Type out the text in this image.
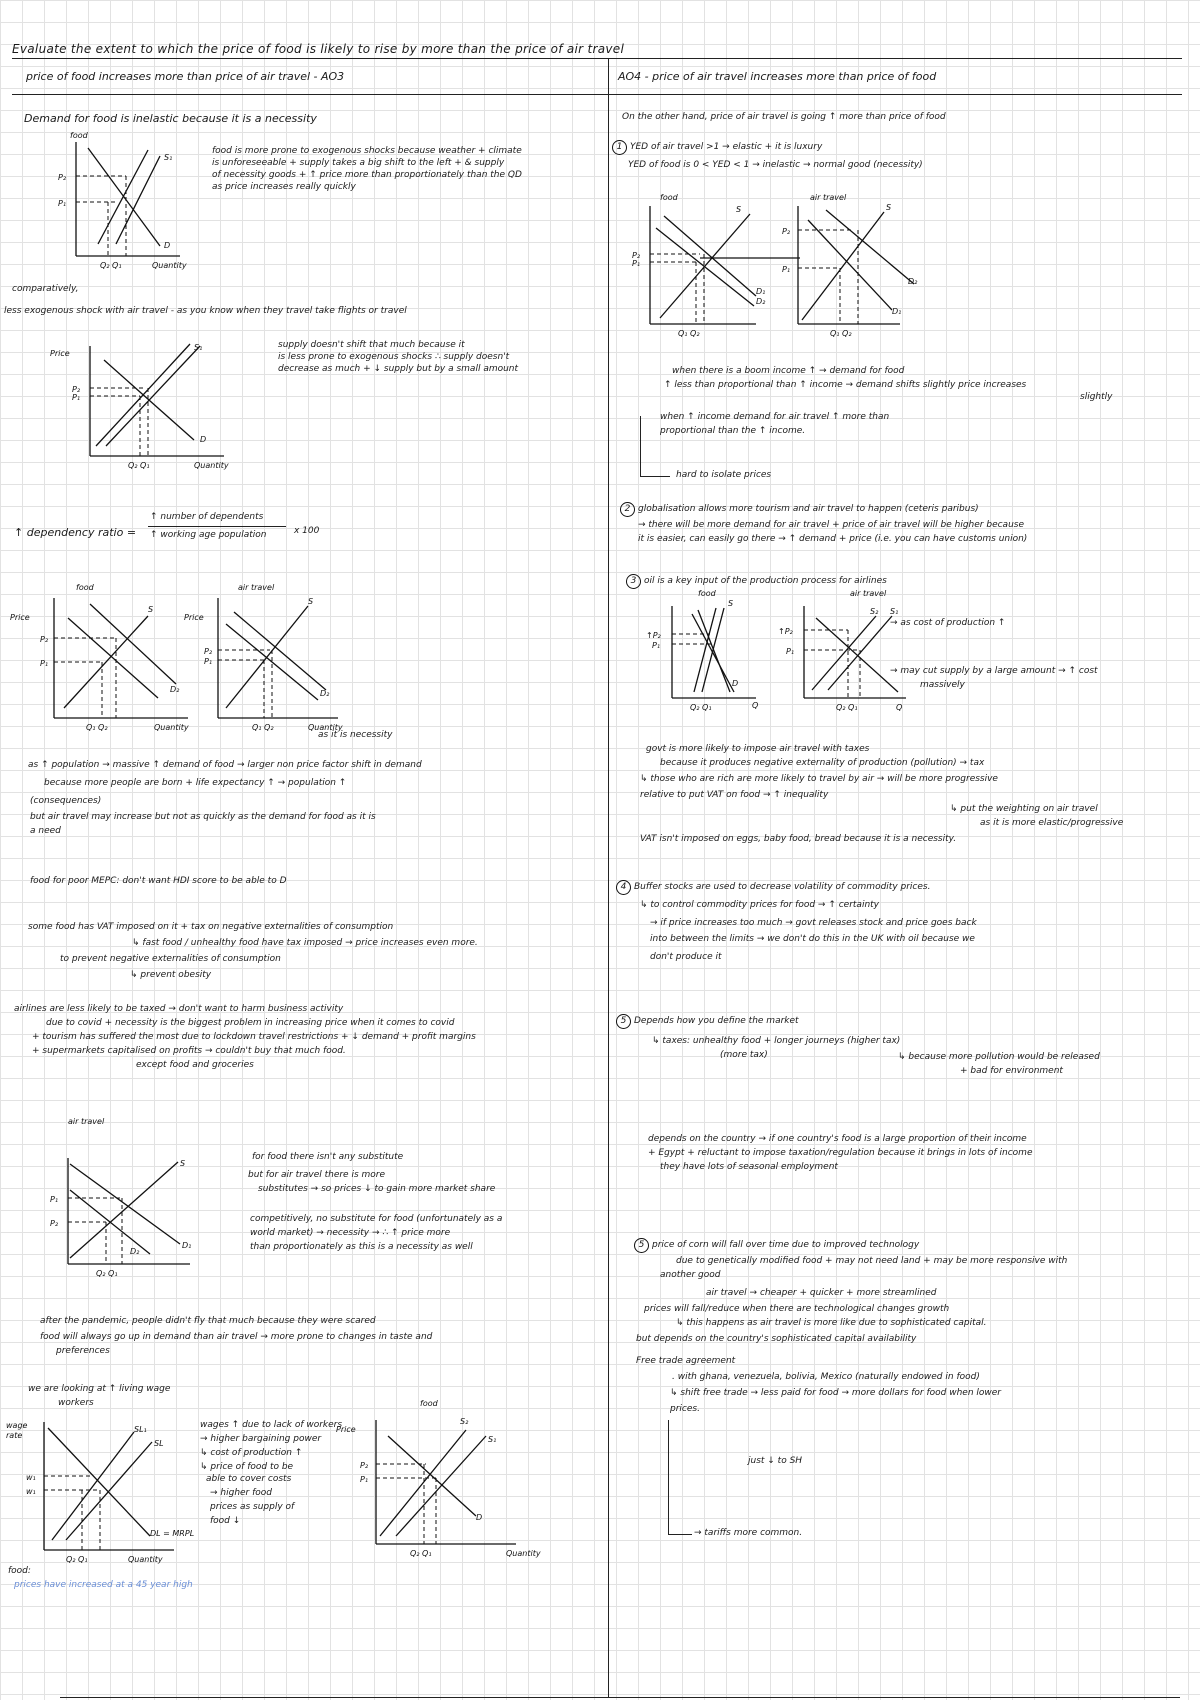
Evaluate the extent to which the price of food is likely to rise by more than the price of air travel
price of food increases more than price of air travel - AO3	AO4 - price of air travel increases more than price of food
Demand for food is inelastic because it is a necessity
food
P₂
P₁
Q₂ Q₁	Quantity
D
S₁
food is more prone to exogenous shocks because weather + climate
is unforeseeable + supply takes a big shift to the left + & supply
of necessity goods + ↑ price more than proportionately than the QD
as price increases really quickly
comparatively,
less exogenous shock with air travel - as you know when they travel take flights or travel
Price
P₂
P₁
Q₂ Q₁	Quantity
D
S₁	supply doesn't shift that much because it
is less prone to exogenous shocks ∴ supply doesn't
decrease as much + ↓ supply but by a small amount
↑ dependency ratio =
↑ number of dependents
↑ working age population	x 100
food	air travel
Price
P₂
P₁
Q₁ Q₂	Quantity
S
D₂
Price
P₂
P₁
Q₁ Q₂	Quantity
S
D₂
as it is necessity
as ↑ population → massive ↑ demand of food → larger non price factor shift in demand
because more people are born + life expectancy ↑ → population ↑
(consequences)
but air travel may increase but not as quickly as the demand for food as it is
a need
food for poor MEPC: don't want HDI score to be able to D
some food has VAT imposed on it + tax on negative externalities of consumption
↳ fast food / unhealthy food have tax imposed → price increases even more.
to prevent negative externalities of consumption
↳ prevent obesity
airlines are less likely to be taxed → don't want to harm business activity
due to covid + necessity is the biggest problem in increasing price when it comes to covid
+ tourism has suffered the most due to lockdown travel restrictions + ↓ demand + profit margins
+ supermarkets capitalised on profits → couldn't buy that much food.
except food and groceries
air travel
P₁
P₂
Q₂ Q₁
S
D₁
D₂
for food there isn't any substitute
but for air travel there is more
substitutes → so prices ↓ to gain more market share
competitively, no substitute for food (unfortunately as a
world market) → necessity → ∴ ↑ price more
than proportionately as this is a necessity as well
after the pandemic, people didn't fly that much because they were scared
food will always go up in demand than air travel → more prone to changes in taste and
preferences
we are looking at ↑ living wage
workers
wage
rate
w₁
w₁
Q₂ Q₁
SL₁
SL
DL = MRPL
Quantity
wages ↑ due to lack of workers
→ higher bargaining power
↳ cost of production ↑
↳ price of food to be
able to cover costs
→ higher food
prices as supply of
food ↓
food
Price
P₂
P₁
Q₂ Q₁	Quantity
S₂
S₁
D
food:
prices have increased at a 45 year high
On the other hand, price of air travel is going ↑ more than price of food
1 YED of air travel >1 → elastic + it is luxury
YED of food is 0 < YED < 1 → inelastic → normal good (necessity)
food	air travel
P₂
P₁
Q₁ Q₂
S
D₁
D₂
P₂
P₁
Q₁ Q₂
S
D₂
D₁
when there is a boom income ↑ → demand for food
↑ less than proportional than ↑ income → demand shifts slightly price increases
slightly
when ↑ income demand for air travel ↑ more than
proportional than the ↑ income.
hard to isolate prices
2 globalisation allows more tourism and air travel to happen (ceteris paribus)
→ there will be more demand for air travel + price of air travel will be higher because
it is easier, can easily go there → ↑ demand + price (i.e. you can have customs union)
3 oil is a key input of the production process for airlines
food	air travel
↑P₂
P₁
Q₂ Q₁	Q
S
D
↑P₂
P₁
Q₂ Q₁	Q
S₂ S₁
→ as cost of production ↑
→ may cut supply by a large amount → ↑ cost
massively
govt is more likely to impose air travel with taxes
because it produces negative externality of production (pollution) → tax
↳ those who are rich are more likely to travel by air → will be more progressive
relative to put VAT on food → ↑ inequality
↳ put the weighting on air travel
as it is more elastic/progressive
VAT isn't imposed on eggs, baby food, bread because it is a necessity.
4 Buffer stocks are used to decrease volatility of commodity prices.
↳ to control commodity prices for food → ↑ certainty
→ if price increases too much → govt releases stock and price goes back
into between the limits → we don't do this in the UK with oil because we
don't produce it
5 Depends how you define the market
↳ taxes: unhealthy food + longer journeys (higher tax)
(more tax)	↳ because more pollution would be released
+ bad for environment
depends on the country → if one country's food is a large proportion of their income
+ Egypt + reluctant to impose taxation/regulation because it brings in lots of income
they have lots of seasonal employment
5 price of corn will fall over time due to improved technology
due to genetically modified food + may not need land + may be more responsive with
another good
air travel → cheaper + quicker + more streamlined
prices will fall/reduce when there are technological changes growth
↳ this happens as air travel is more like due to sophisticated capital.
but depends on the country's sophisticated capital availability
Free trade agreement
. with ghana, venezuela, bolivia, Mexico (naturally endowed in food)
↳ shift free trade → less paid for food → more dollars for food when lower
prices.
just ↓ to SH
→ tariffs more common.
